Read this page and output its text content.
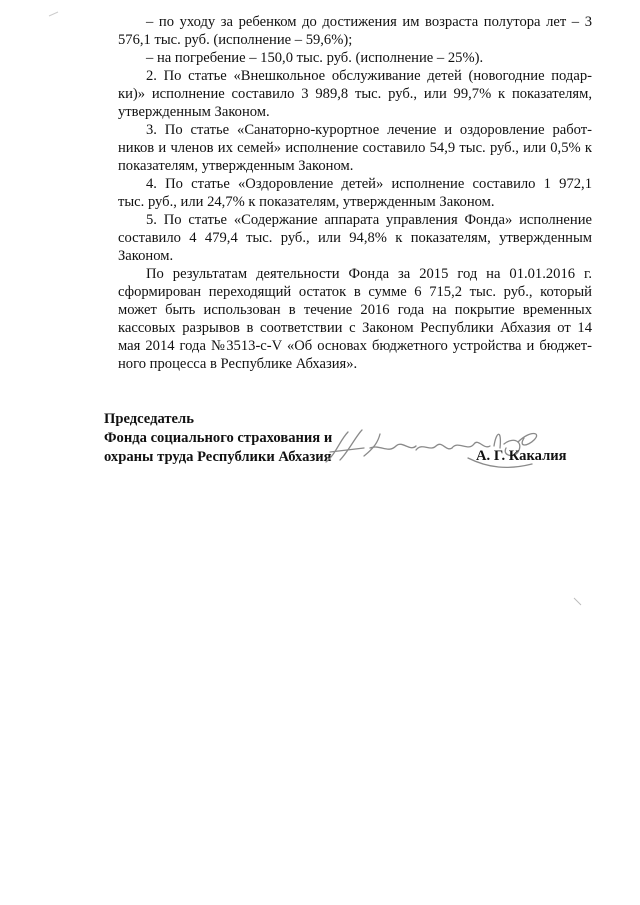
– по уходу за ребенком до достижения им возраста полутора лет – 3
576,1 тыс. руб. (исполнение – 59,6%);
– на погребение – 150,0 тыс. руб. (исполнение – 25%).
2. По статье «Внешкольное обслуживание детей (новогодние подар-
ки)» исполнение составило 3 989,8 тыс. руб., или 99,7% к показателям,
утвержденным Законом.
3. По статье «Санаторно-курортное лечение и оздоровление работ-
ников и членов их семей» исполнение составило 54,9 тыс. руб., или 0,5% к
показателям, утвержденным Законом.
4. По статье «Оздоровление детей» исполнение составило 1 972,1
тыс. руб., или 24,7% к показателям, утвержденным Законом.
5. По статье «Содержание аппарата управления Фонда» исполнение
составило 4 479,4 тыс. руб., или 94,8% к показателям, утвержденным
Законом.
По результатам деятельности Фонда за 2015 год на 01.01.2016 г.
сформирован переходящий остаток в сумме 6 715,2 тыс. руб., который
может быть использован в течение 2016 года на покрытие временных
кассовых разрывов в соответствии с Законом Республики Абхазия от 14
мая 2014 года №3513-с-V «Об основах бюджетного устройства и бюджет-
ного процесса в Республике Абхазия».
Председатель
Фонда социального страхования и
охраны труда Республики Абхазия	А. Г. Какалия
